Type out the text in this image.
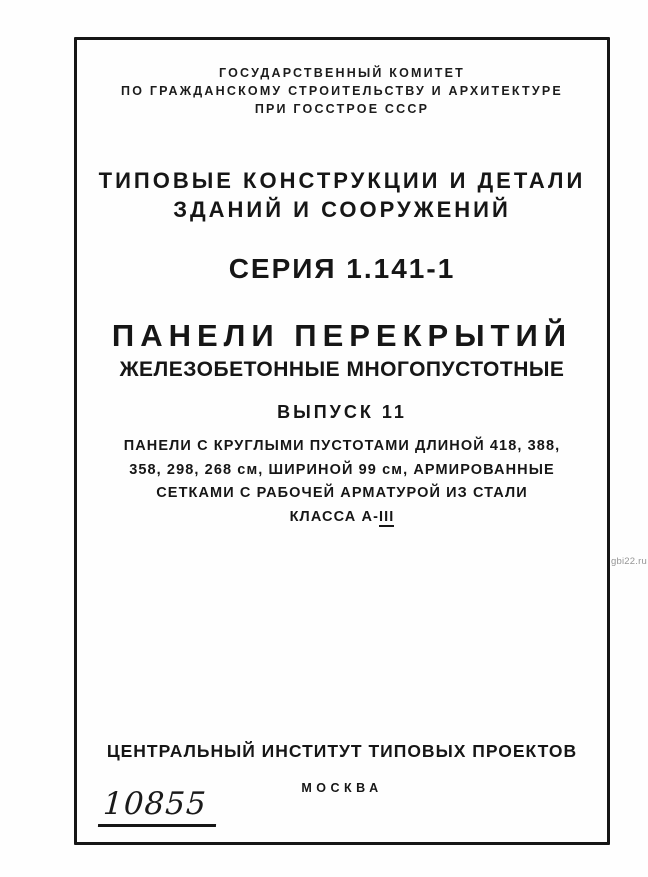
ГОСУДАРСТВЕННЫЙ КОМИТЕТ
ПО ГРАЖДАНСКОМУ СТРОИТЕЛЬСТВУ И АРХИТЕКТУРЕ
ПРИ ГОССТРОЕ СССР
ТИПОВЫЕ КОНСТРУКЦИИ И ДЕТАЛИ
ЗДАНИЙ И СООРУЖЕНИЙ
СЕРИЯ 1.141-1
ПАНЕЛИ ПЕРЕКРЫТИЙ
ЖЕЛЕЗОБЕТОННЫЕ МНОГОПУСТОТНЫЕ
ВЫПУСК 11
ПАНЕЛИ С КРУГЛЫМИ ПУСТОТАМИ ДЛИНОЙ 418, 388,
358, 298, 268 см, ШИРИНОЙ 99 см, АРМИРОВАННЫЕ
СЕТКАМИ С РАБОЧЕЙ АРМАТУРОЙ ИЗ СТАЛИ
КЛАССА А-III
ЦЕНТРАЛЬНЫЙ ИНСТИТУТ ТИПОВЫХ ПРОЕКТОВ
МОСКВА
10855
gbi22.ru
